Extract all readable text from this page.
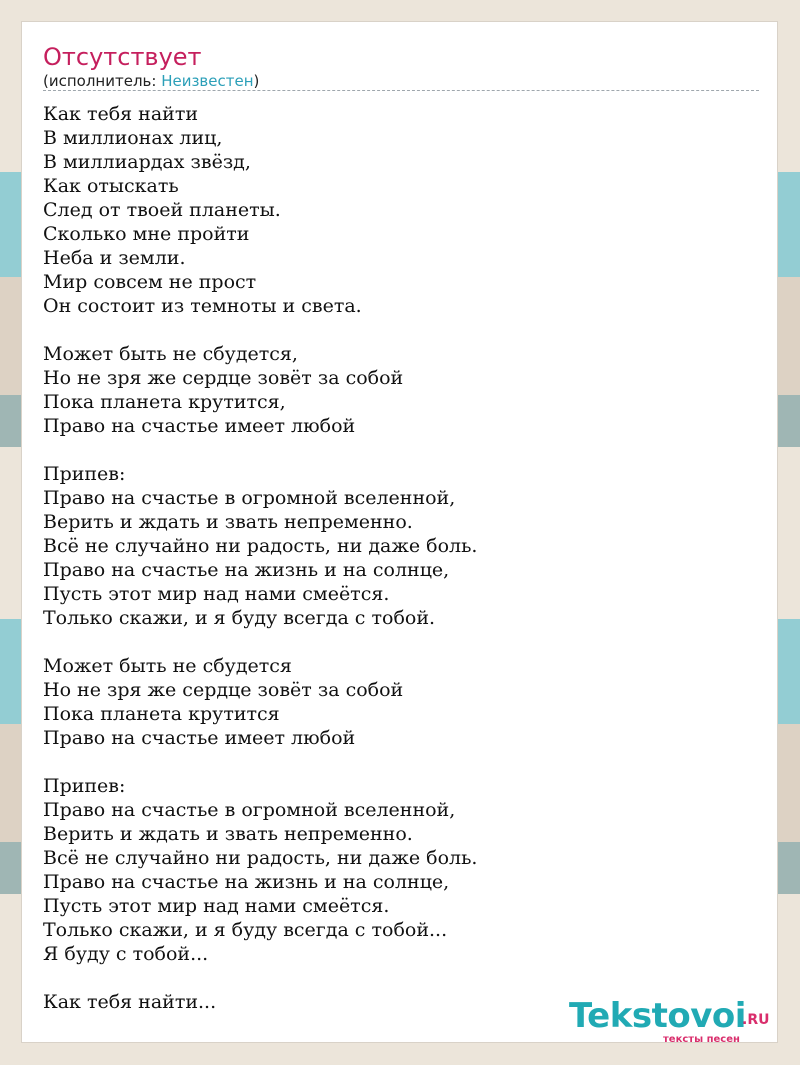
Отсутствует
(исполнитель: Неизвестен)
Как тебя найти
В миллионах лиц,
В миллиардах звёзд,
Как отыскать
След от твоей планеты.
Сколько мне пройти
Неба и земли.
Мир совсем не прост
Он состоит из темноты и света.
Может быть не сбудется,
Но не зря же сердце зовёт за собой
Пока планета крутится,
Право на счастье имеет любой
Припев:
Право на счастье в огромной вселенной,
Верить и ждать и звать непременно.
Всё не случайно ни радость, ни даже боль.
Право на счастье на жизнь и на солнце,
Пусть этот мир над нами смеётся.
Только скажи, и я буду всегда с тобой.
Может быть не сбудется
Но не зря же сердце зовёт за собой
Пока планета крутится
Право на счастье имеет любой
Припев:
Право на счастье в огромной вселенной,
Верить и ждать и звать непременно.
Всё не случайно ни радость, ни даже боль.
Право на счастье на жизнь и на солнце,
Пусть этот мир над нами смеётся.
Только скажи, и я буду всегда с тобой...
Я буду с тобой...
Как тебя найти...	Tekstovoi
.RU
тексты песен
